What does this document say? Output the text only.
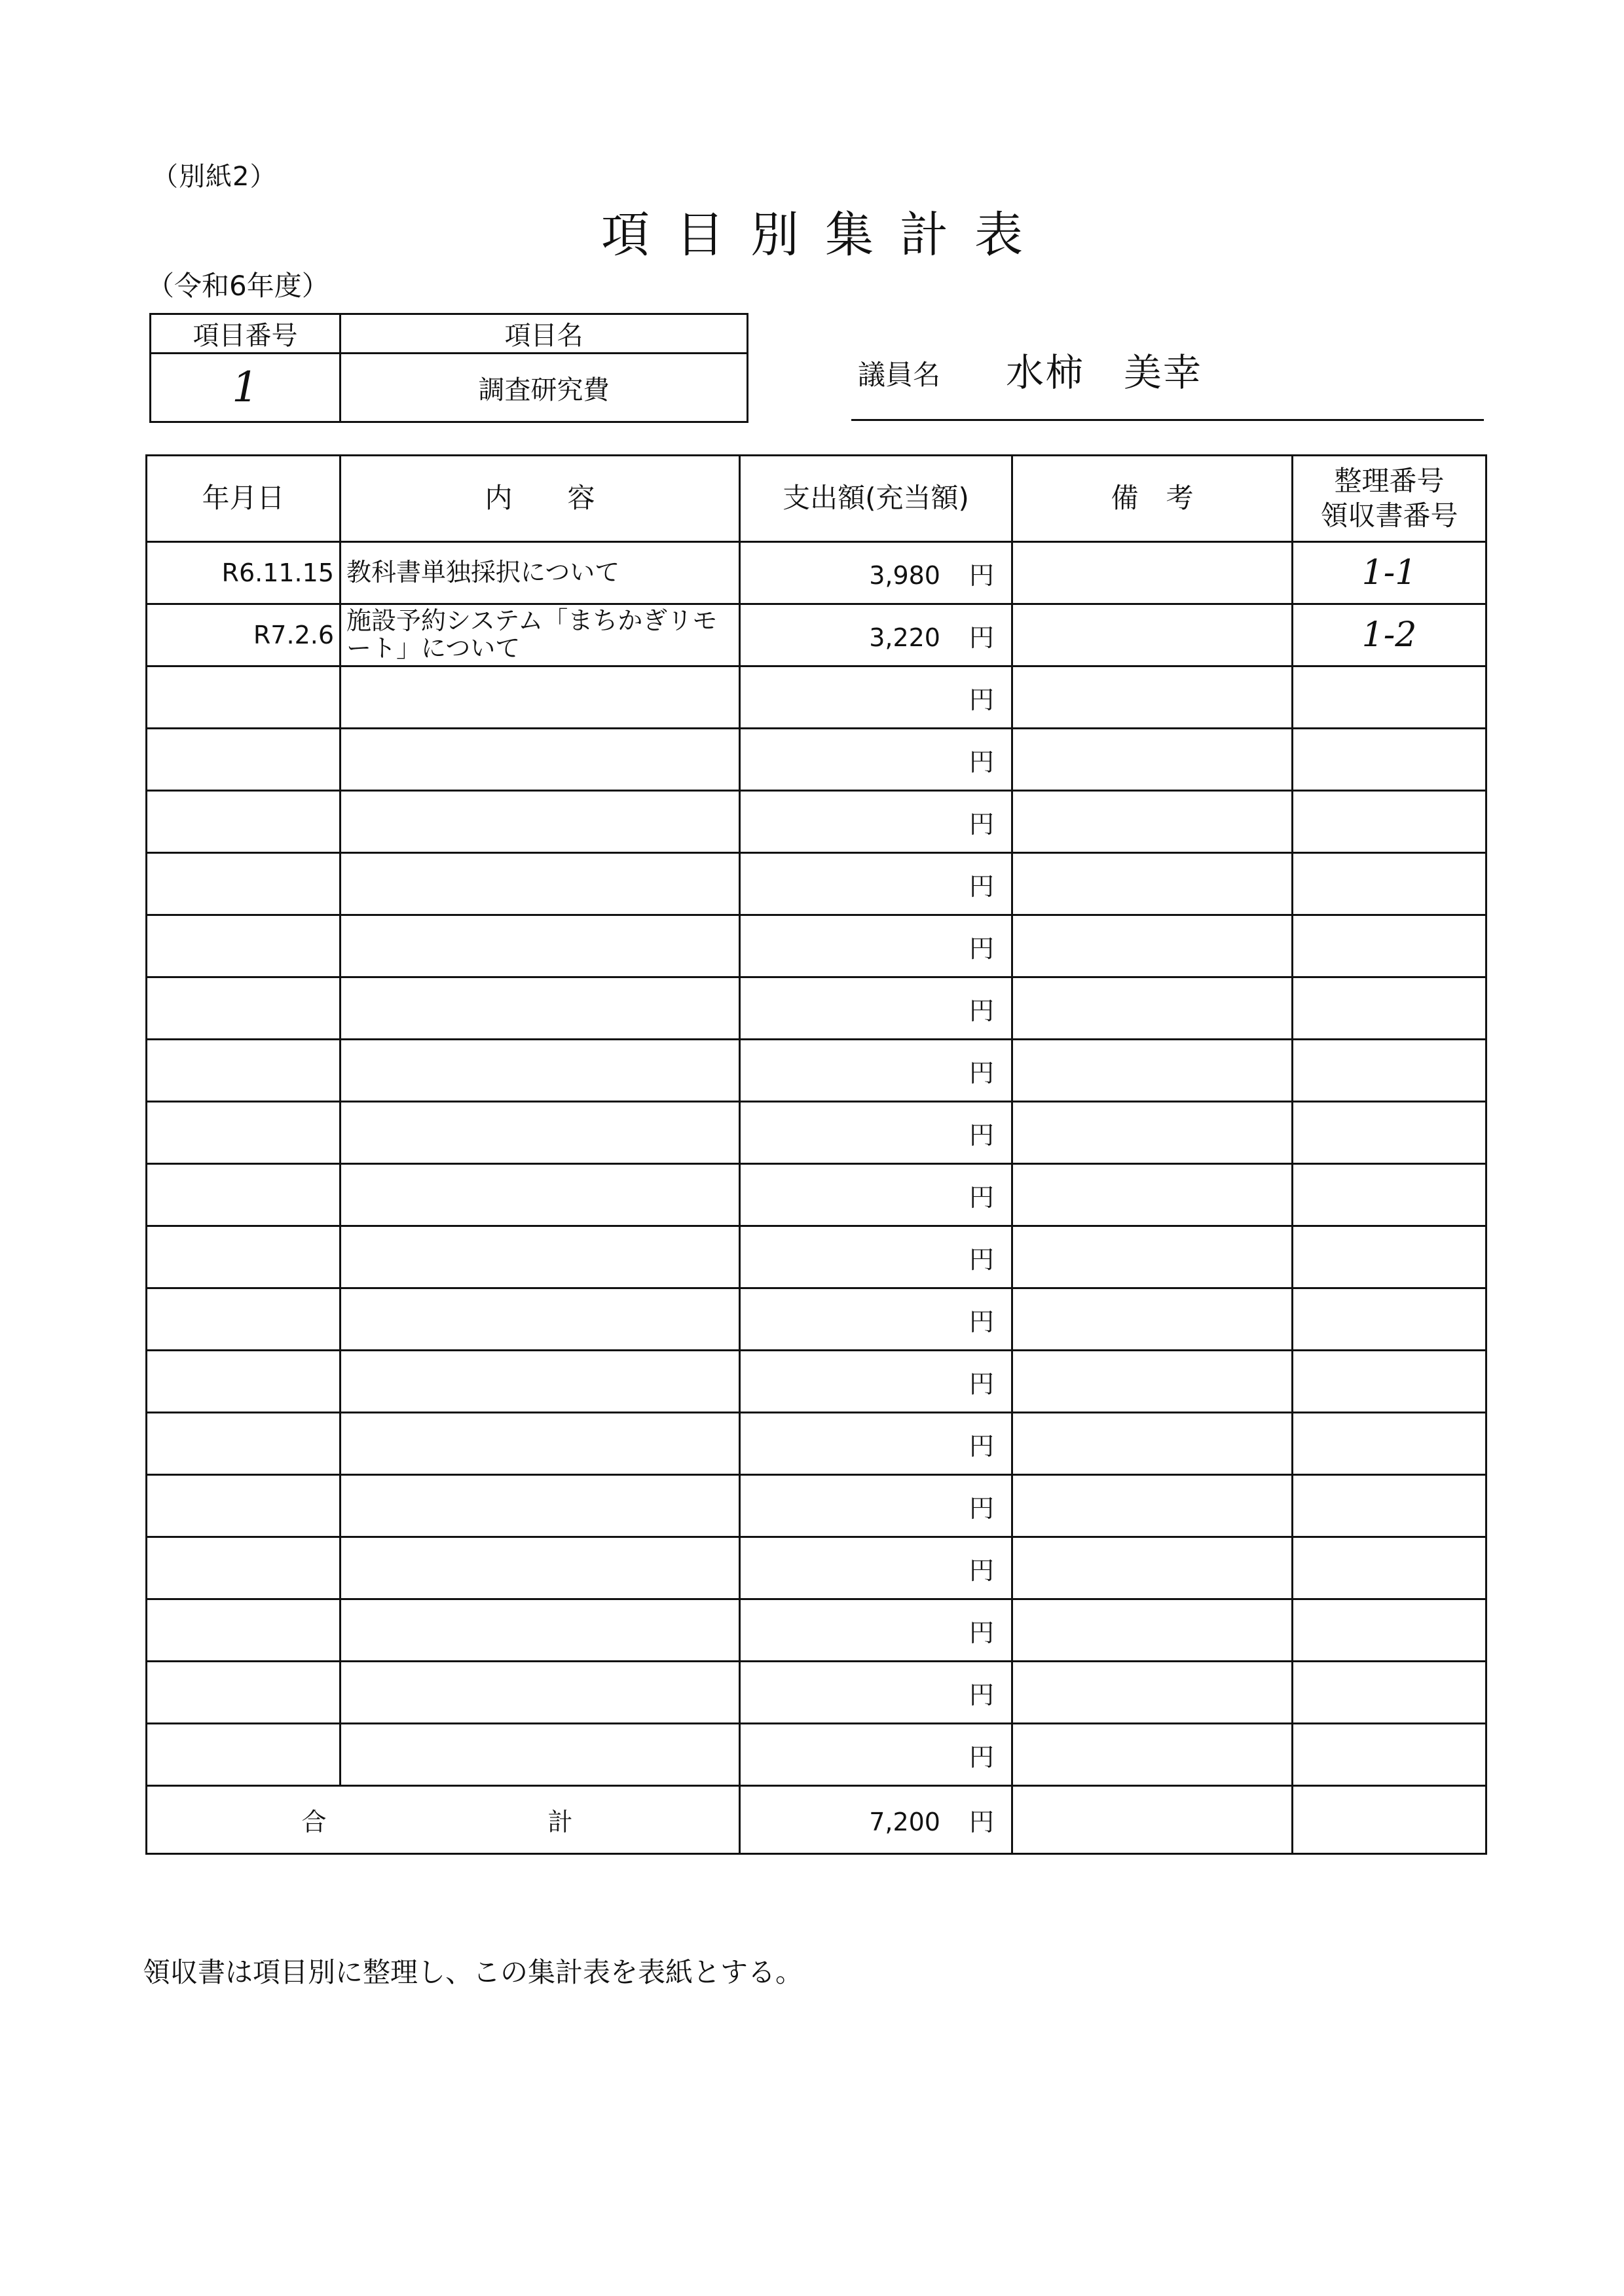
（別紙2）
項目別集計表
（令和6年度）
項目番号	項目名
1	調査研究費	議員名 水柿　美幸
年月日	内　　容	支出額(充当額)	備　考	整理番号
領収書番号

R6.11.15	教科書単独採択について	3,980 円		1-1
R7.2.6	施設予約システム「まちかぎリモート」について	3,220 円		1-2
		円		
		円		
		円		
		円		
		円		
		円		
		円		
		円		
		円		
		円		
		円		
		円		
		円		
		円		
		円		
		円		
		円		
		円		
合　計		7,200 円		
領収書は項目別に整理し、この集計表を表紙とする。
